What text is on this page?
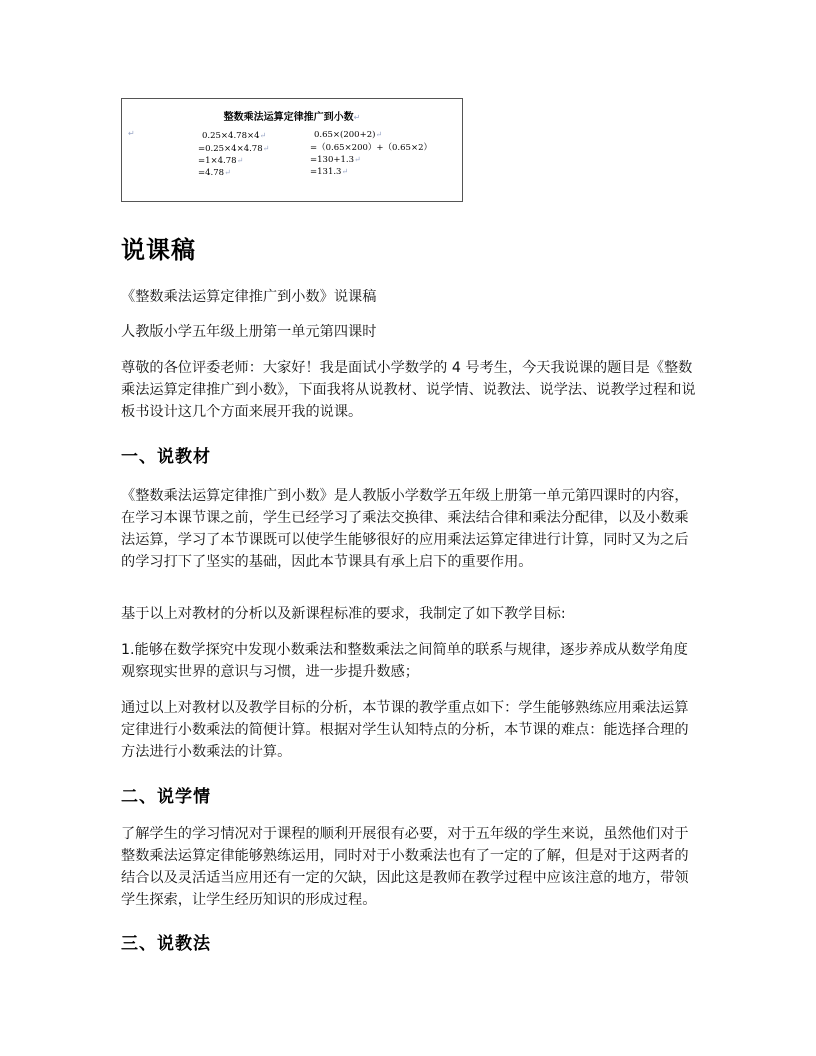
整数乘法运算定律推广到小数↵
↵	0.25×4.78×4↵
=0.25×4×4.78↵
=1×4.78↵
=4.78↵
0.65×(200+2)↵
=（0.65×200）+（0.65×2）
=130+1.3↵
=131.3↵
说课稿

《整数乘法运算定律推广到小数》说课稿

人教版小学五年级上册第一单元第四课时

尊敬的各位评委老师：大家好！我是面试小学数学的 4 号考生，今天我说课的题目是《整数乘法运算定律推广到小数》，下面我将从说教材、说学情、说教法、说学法、说教学过程和说板书设计这几个方面来展开我的说课。

一、说教材

《整数乘法运算定律推广到小数》是人教版小学数学五年级上册第一单元第四课时的内容，在学习本课节课之前，学生已经学习了乘法交换律、乘法结合律和乘法分配律，以及小数乘法运算，学习了本节课既可以使学生能够很好的应用乘法运算定律进行计算，同时又为之后的学习打下了坚实的基础，因此本节课具有承上启下的重要作用。

基于以上对教材的分析以及新课程标准的要求，我制定了如下教学目标:

1.能够在数学探究中发现小数乘法和整数乘法之间简单的联系与规律，逐步养成从数学角度观察现实世界的意识与习惯，进一步提升数感；

通过以上对教材以及教学目标的分析，本节课的教学重点如下：学生能够熟练应用乘法运算定律进行小数乘法的简便计算。根据对学生认知特点的分析，本节课的难点：能选择合理的方法进行小数乘法的计算。

二、说学情

了解学生的学习情况对于课程的顺利开展很有必要，对于五年级的学生来说，虽然他们对于整数乘法运算定律能够熟练运用，同时对于小数乘法也有了一定的了解，但是对于这两者的结合以及灵活适当应用还有一定的欠缺，因此这是教师在教学过程中应该注意的地方，带领学生探索，让学生经历知识的形成过程。

三、说教法
